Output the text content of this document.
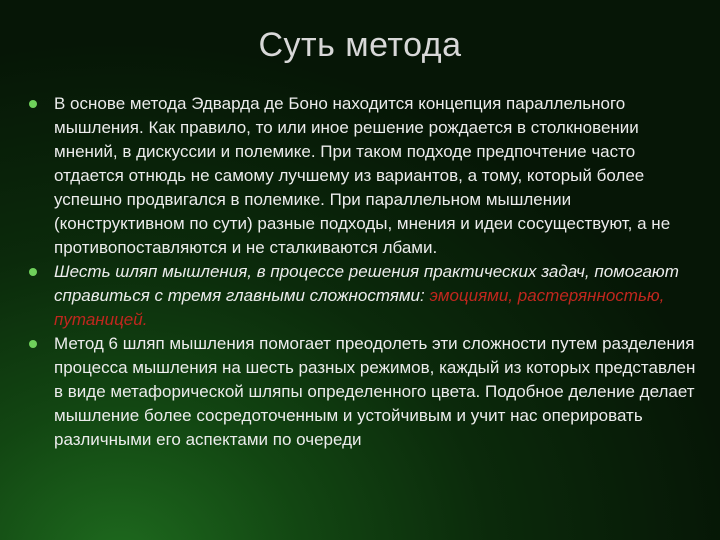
Суть метода
В основе метода Эдварда де Боно находится концепция параллельного мышления. Как правило, то или иное решение рождается в столкновении мнений, в дискуссии и полемике. При таком подходе предпочтение часто отдается отнюдь не самому лучшему из вариантов, а тому, который более успешно продвигался в полемике. При параллельном мышлении (конструктивном по сути) разные подходы, мнения и идеи сосуществуют, а не противопоставляются и не сталкиваются лбами.
Шесть шляп мышления, в процессе решения практических задач, помогают справиться с тремя главными сложностями: эмоциями, растерянностью, путаницей.
Метод 6 шляп мышления помогает преодолеть эти сложности путем разделения процесса мышления на шесть разных режимов, каждый из которых представлен в виде метафорической шляпы определенного цвета. Подобное деление делает мышление более сосредоточенным и устойчивым и учит нас оперировать различными его аспектами по очереди
